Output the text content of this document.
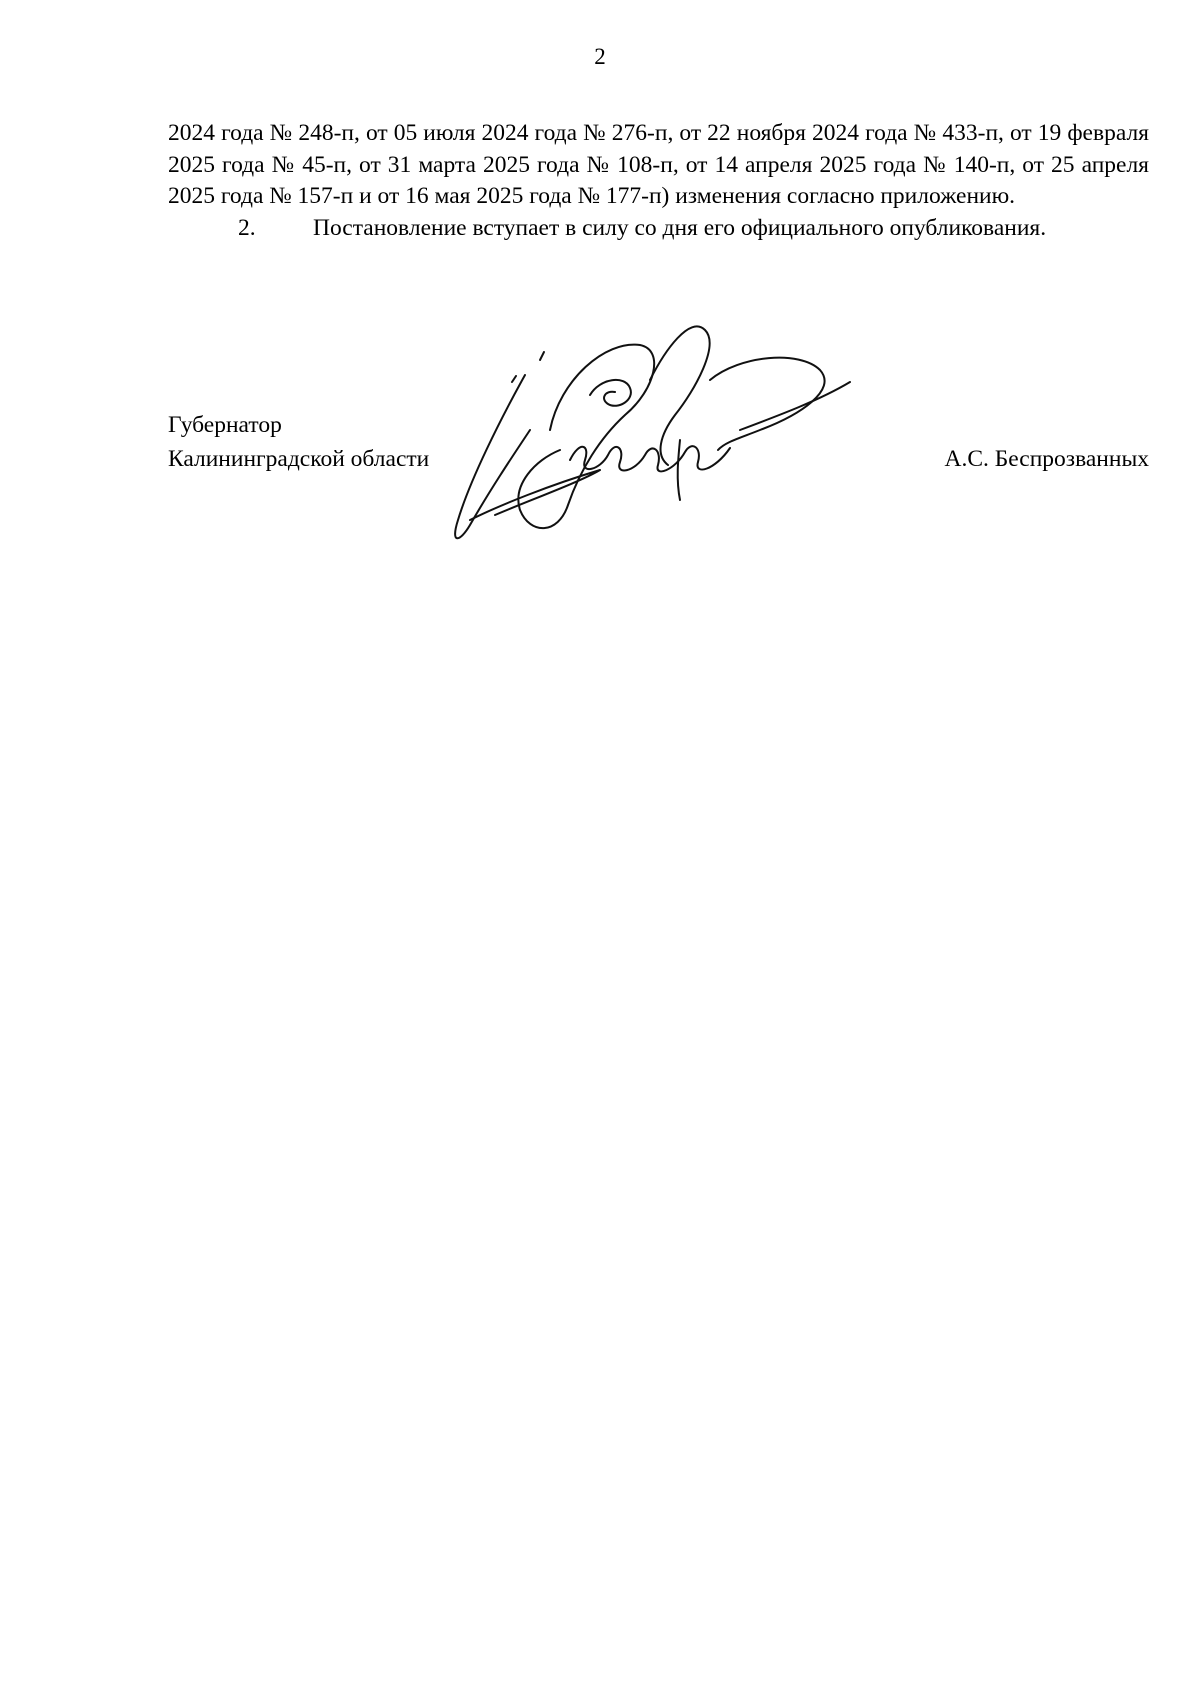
2

2024 года № 248-п, от 05 июля 2024 года № 276-п, от 22 ноября 2024 года № 433-п, от 19 февраля 2025 года № 45-п, от 31 марта 2025 года № 108-п, от 14 апреля 2025 года № 140-п, от 25 апреля 2025 года № 157-п и от 16 мая 2025 года № 177-п) изменения согласно приложению.

2. Постановление вступает в силу со дня его официального опубликования.

Губернатор
Калининградской области	А.С. Беспрозванных
